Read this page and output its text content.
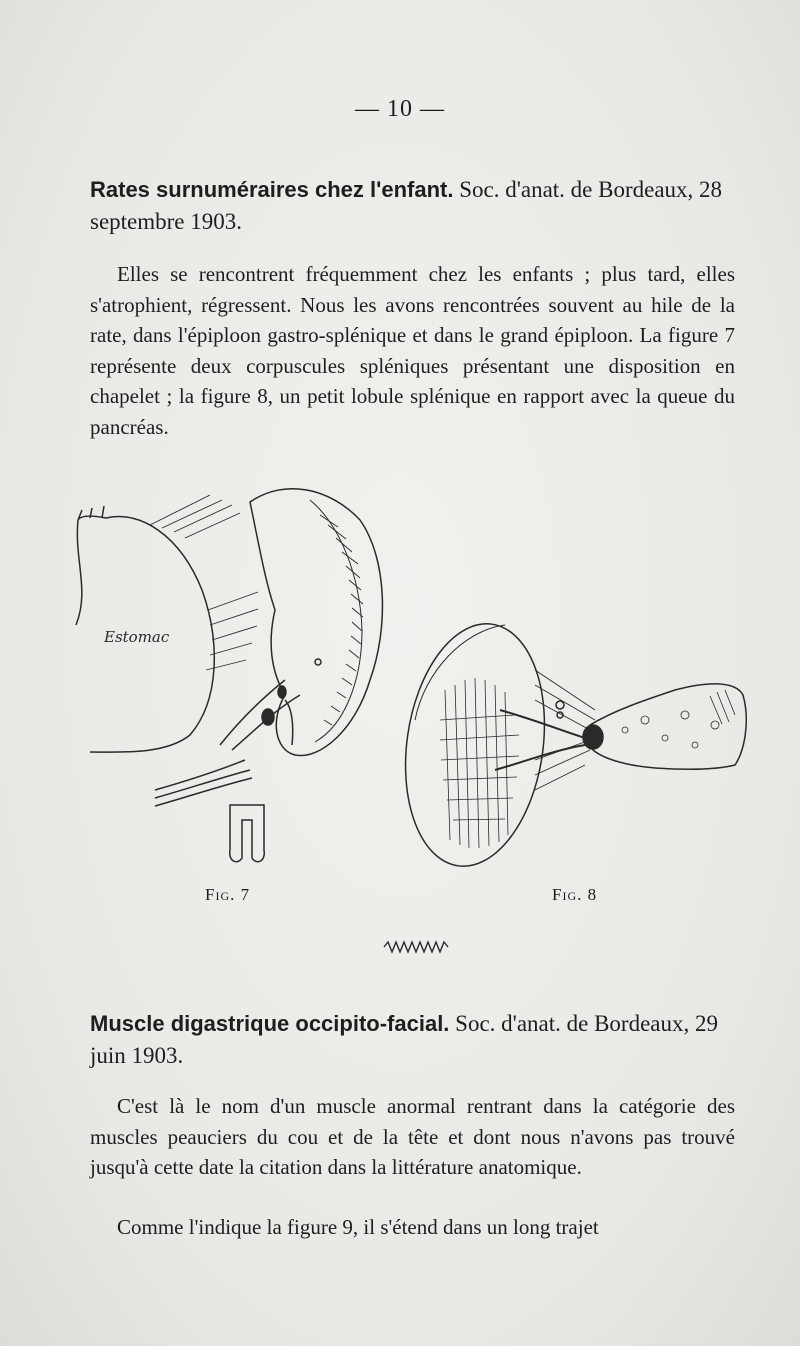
— 10 —
Rates surnuméraires chez l'enfant. Soc. d'anat. de Bordeaux, 28 septembre 1903.
Elles se rencontrent fréquemment chez les enfants ; plus tard, elles s'atrophient, régressent. Nous les avons rencontrées souvent au hile de la rate, dans l'épiploon gastro-splénique et dans le grand épiploon. La figure 7 représente deux corpuscules spléniques présentant une disposition en chapelet ; la figure 8, un petit lobule splénique en rapport avec la queue du pancréas.
Estomac
Fig. 7	Fig. 8
Muscle digastrique occipito-facial. Soc. d'anat. de Bordeaux, 29 juin 1903.
C'est là le nom d'un muscle anormal rentrant dans la catégorie des muscles peauciers du cou et de la tête et dont nous n'avons pas trouvé jusqu'à cette date la citation dans la littérature anatomique.
Comme l'indique la figure 9, il s'étend dans un long trajet
